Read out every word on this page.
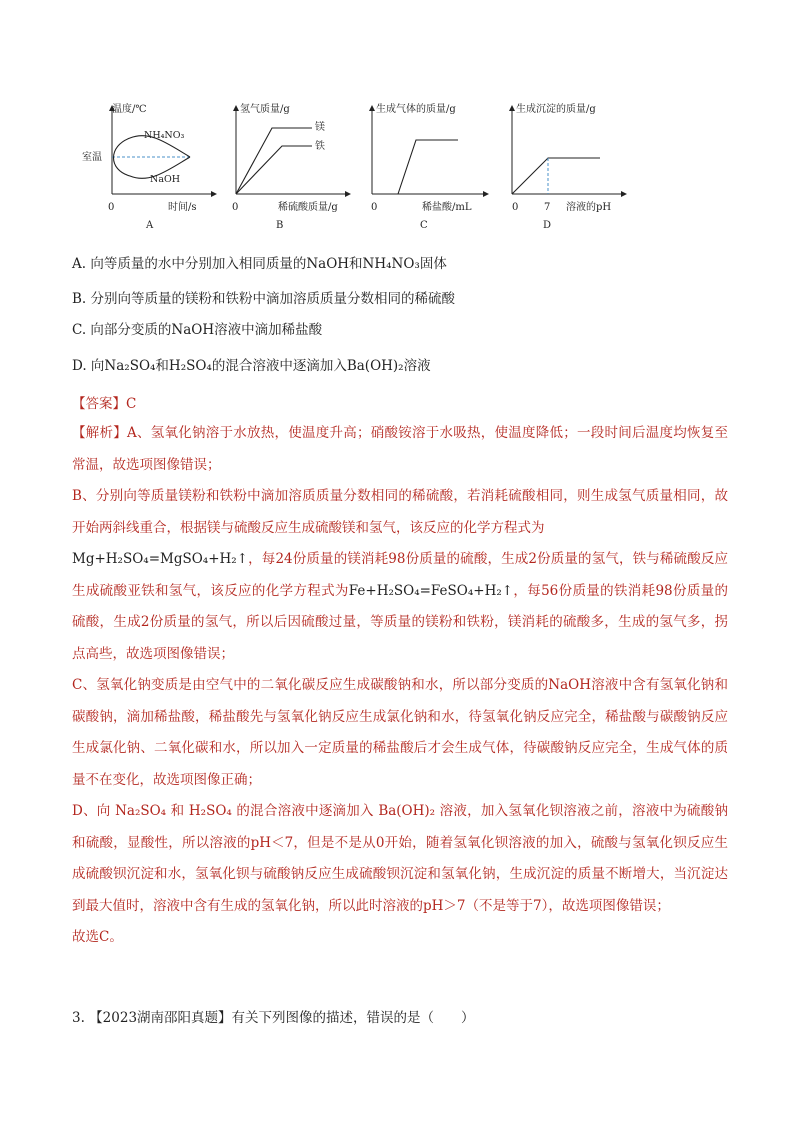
温度/℃
室温
NH₄NO₃
NaOH
0	时间/s
A
氢气质量/g
镁
铁
0	稀硫酸质量/g
B
生成气体的质量/g
0	稀盐酸/mL
C
生成沉淀的质量/g
0	7 溶液的pH
D
A. 向等质量的水中分别加入相同质量的NaOH和NH₄NO₃固体
B. 分别向等质量的镁粉和铁粉中滴加溶质质量分数相同的稀硫酸
C. 向部分变质的NaOH溶液中滴加稀盐酸
D. 向Na₂SO₄和H₂SO₄的混合溶液中逐滴加入Ba(OH)₂溶液
【答案】C

【解析】A、氢氧化钠溶于水放热，使温度升高；硝酸铵溶于水吸热，使温度降低；一段时间后温度均恢复至常温，故选项图像错误；

B、分别向等质量镁粉和铁粉中滴加溶质质量分数相同的稀硫酸，若消耗硫酸相同，则生成氢气质量相同，故开始两斜线重合，根据镁与硫酸反应生成硫酸镁和氢气，该反应的化学方程式为
Mg+H₂SO₄=MgSO₄+H₂↑，每24份质量的镁消耗98份质量的硫酸，生成2份质量的氢气，铁与稀硫酸反应生成硫酸亚铁和氢气，该反应的化学方程式为Fe+H₂SO₄=FeSO₄+H₂↑，每56份质量的铁消耗98份质量的硫酸，生成2份质量的氢气，所以后因硫酸过量，等质量的镁粉和铁粉，镁消耗的硫酸多，生成的氢气多，拐点高些，故选项图像错误；

C、氢氧化钠变质是由空气中的二氧化碳反应生成碳酸钠和水，所以部分变质的NaOH溶液中含有氢氧化钠和碳酸钠，滴加稀盐酸，稀盐酸先与氢氧化钠反应生成氯化钠和水，待氢氧化钠反应完全，稀盐酸与碳酸钠反应生成氯化钠、二氧化碳和水，所以加入一定质量的稀盐酸后才会生成气体，待碳酸钠反应完全，生成气体的质量不在变化，故选项图像正确；

D、向 Na₂SO₄ 和 H₂SO₄ 的混合溶液中逐滴加入 Ba(OH)₂ 溶液，加入氢氧化钡溶液之前，溶液中为硫酸钠和硫酸，显酸性，所以溶液的pH＜7，但是不是从0开始，随着氢氧化钡溶液的加入，硫酸与氢氧化钡反应生成硫酸钡沉淀和水，氢氧化钡与硫酸钠反应生成硫酸钡沉淀和氢氧化钠，生成沉淀的质量不断增大，当沉淀达到最大值时，溶液中含有生成的氢氧化钠，所以此时溶液的pH＞7（不是等于7），故选项图像错误；

故选C。

3. 【2023湖南邵阳真题】有关下列图像的描述，错误的是（　　）
